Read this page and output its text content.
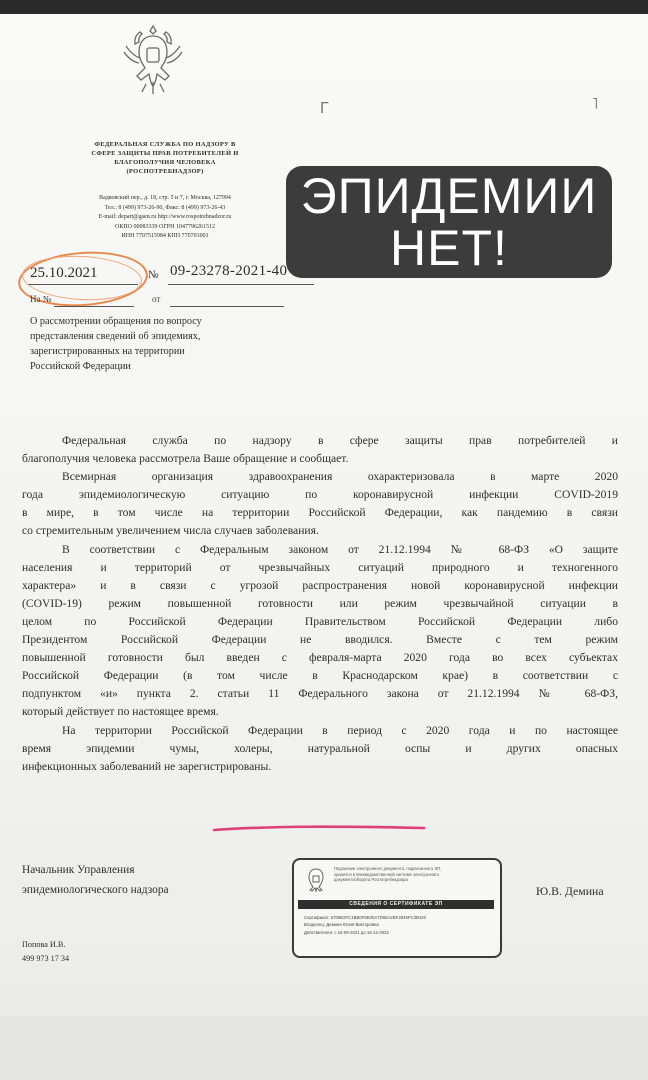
Г	˥
ФЕДЕРАЛЬНАЯ СЛУЖБА ПО НАДЗОРУ В
СФЕРЕ ЗАЩИТЫ ПРАВ ПОТРЕБИТЕЛЕЙ И
БЛАГОПОЛУЧИЯ ЧЕЛОВЕКА
(РОСПОТРЕБНАДЗОР)
Вадковский пер., д. 18, стр. 5 и 7, г. Москва, 127994
Тел.: 8 (499) 973-26-90, Факс: 8 (499) 973-26-43
E-mail: depart@gsen.ru http://www.rospotrebnadzor.ru
ОКПО 00083339 ОГРН 1047796261512
ИНН 7707515984 КПП 770701001
ЭПИДЕМИИ
НЕТ!
25.10.2021	№ 09-23278-2021-40
На №	от
О рассмотрении обращения по вопросу
представления сведений об эпидемиях,
зарегистрированных на территории
Российской Федерации
Федеральная служба по надзору в сфере защиты прав потребителей и
благополучия человека рассмотрела Ваше обращение и сообщает.
Всемирная организация здравоохранения охарактеризовала в марте 2020
года эпидемиологическую ситуацию по коронавирусной инфекции COVID-2019
в мире, в том числе на территории Российской Федерации, как пандемию в связи
со стремительным увеличением числа случаев заболевания.
В соответствии с Федеральным законом от 21.12.1994 № 68-ФЗ «О защите
населения и территорий от чрезвычайных ситуаций природного и техногенного
характера» и в связи с угрозой распространения новой коронавирусной инфекции
(COVID-19) режим повышенной готовности или режим чрезвычайной ситуации в
целом по Российской Федерации Правительством Российской Федерации либо
Президентом Российской Федерации не вводился. Вместе с тем режим
повышенной готовности был введен с февраля-марта 2020 года во всех субъектах
Российской Федерации (в том числе в Краснодарском крае) в соответствии с
подпунктом «и» пункта 2. статьи 11 Федерального закона от 21.12.1994 № 68-ФЗ,
который действует по настоящее время.
На территории Российской Федерации в период с 2020 года и по настоящее
время эпидемии чумы, холеры, натуральной оспы и других опасных
инфекционных заболеваний не зарегистрированы.
Начальник Управления
эпидемиологического надзора
Подлинник электронного документа, подписанного ЭП,
хранится в Межведомственной системе электронного
документооборота Роспотребнадзора
СВЕДЕНИЯ О СЕРТИФИКАТЕ ЭП
Сертификат: 5706B2FC1BB0F5B30A7D66A2BF2946FC3B420
Владелец: Демина Юлия Викторовна
Действителен: с 16-09-2021 до 16-12-2022
Ю.В. Демина
Попова И.В.
499 973 17 34
